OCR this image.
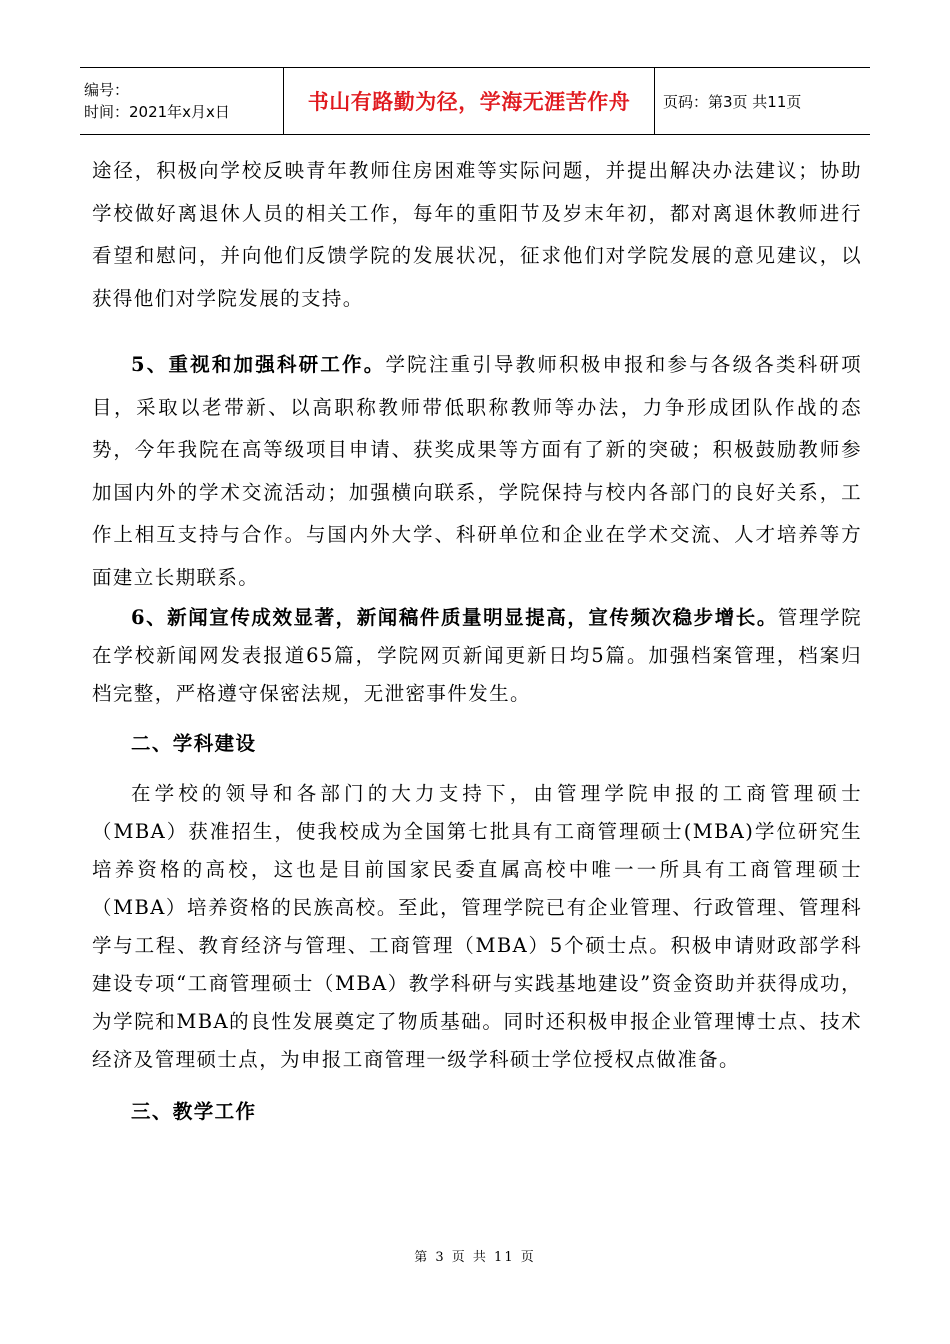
编号：
时间：2021年x月x日	书山有路勤为径，学海无涯苦作舟	页码：第3页 共11页

途径，积极向学校反映青年教师住房困难等实际问题，并提出解决办法建议；协助学校做好离退休人员的相关工作，每年的重阳节及岁末年初，都对离退休教师进行看望和慰问，并向他们反馈学院的发展状况，征求他们对学院发展的意见建议，以获得他们对学院发展的支持。

5、重视和加强科研工作。学院注重引导教师积极申报和参与各级各类科研项目，采取以老带新、以高职称教师带低职称教师等办法，力争形成团队作战的态势，今年我院在高等级项目申请、获奖成果等方面有了新的突破；积极鼓励教师参加国内外的学术交流活动；加强横向联系，学院保持与校内各部门的良好关系，工作上相互支持与合作。与国内外大学、科研单位和企业在学术交流、人才培养等方面建立长期联系。

6、新闻宣传成效显著，新闻稿件质量明显提高，宣传频次稳步增长。管理学院在学校新闻网发表报道65篇，学院网页新闻更新日均5篇。加强档案管理，档案归档完整，严格遵守保密法规，无泄密事件发生。

二、学科建设

在学校的领导和各部门的大力支持下，由管理学院申报的工商管理硕士（MBA）获准招生，使我校成为全国第七批具有工商管理硕士(MBA)学位研究生培养资格的高校，这也是目前国家民委直属高校中唯一一所具有工商管理硕士（MBA）培养资格的民族高校。至此，管理学院已有企业管理、行政管理、管理科学与工程、教育经济与管理、工商管理（MBA）5个硕士点。积极申请财政部学科建设专项“工商管理硕士（MBA）教学科研与实践基地建设”资金资助并获得成功，为学院和MBA的良性发展奠定了物质基础。同时还积极申报企业管理博士点、技术经济及管理硕士点，为申报工商管理一级学科硕士学位授权点做准备。

三、教学工作

第 3 页 共 11 页
